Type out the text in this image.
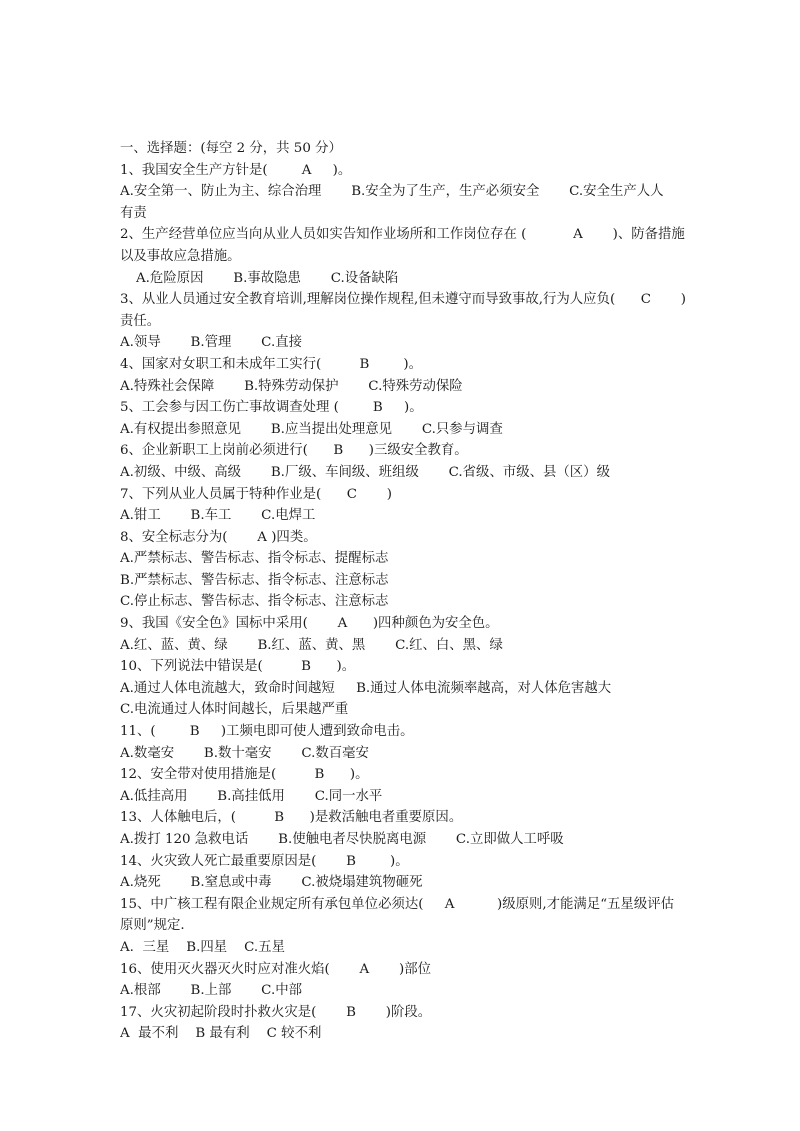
一、选择题：(每空 2 分，共 50 分）
1、我国安全生产方针是(        A     )。
A.安全第一、防止为主、综合治理       B.安全为了生产，生产必须安全       C.安全生产人人
有责
2、生产经营单位应当向从业人员如实告知作业场所和工作岗位存在 (           A       )、防备措施
以及事故应急措施。
A.危险原因       B.事故隐患       C.设备缺陷
3、从业人员通过安全教育培训,理解岗位操作规程,但未遵守而导致事故,行为人应负(      C       )
责任。
A.领导       B.管理       C.直接
4、国家对女职工和未成年工实行(         B        )。
A.特殊社会保障       B.特殊劳动保护       C.特殊劳动保险
5、工会参与因工伤亡事故调查处理 (        B     )。
A.有权提出参照意见       B.应当提出处理意见       C.只参与调查
6、企业新职工上岗前必须进行(      B      )三级安全教育。
A.初级、中级、高级       B.厂级、车间级、班组级       C.省级、市级、县（区）级
7、下列从业人员属于特种作业是(      C       )
A.钳工       B.车工       C.电焊工
8、安全标志分为(       A )四类。
A.严禁标志、警告标志、指令标志、提醒标志
B.严禁标志、警告标志、指令标志、注意标志
C.停止标志、警告标志、指令标志、注意标志
9、我国《安全色》国标中采用(       A      )四种颜色为安全色。
A.红、蓝、黄、绿       B.红、蓝、黄、黑       C.红、白、黑、绿
10、下列说法中错误是(         B      )。
A.通过人体电流越大，致命时间越短     B.通过人体电流频率越高，对人体危害越大
C.电流通过人体时间越长，后果越严重
11、(        B     )工频电即可使人遭到致命电击。
A.数毫安       B.数十毫安       C.数百毫安
12、安全带对使用措施是(         B      )。
A.低挂高用       B.高挂低用       C.同一水平
13、人体触电后，(         B      )是救活触电者重要原因。
A.拨打 120 急救电话       B.使触电者尽快脱离电源       C.立即做人工呼吸
14、火灾致人死亡最重要原因是(       B        )。
A.烧死       B.窒息或中毒       C.被烧塌建筑物砸死
15、中广核工程有限企业规定所有承包单位必须达(     A          )级原则,才能满足“五星级评估
原则”规定.
A.  三星    B.四星    C.五星
16、使用灭火器灭火时应对准火焰(       A       )部位
A.根部       B.上部       C.中部
17、火灾初起阶段时扑救火灾是(       B       )阶段。
A  最不利    B 最有利    C 较不利
